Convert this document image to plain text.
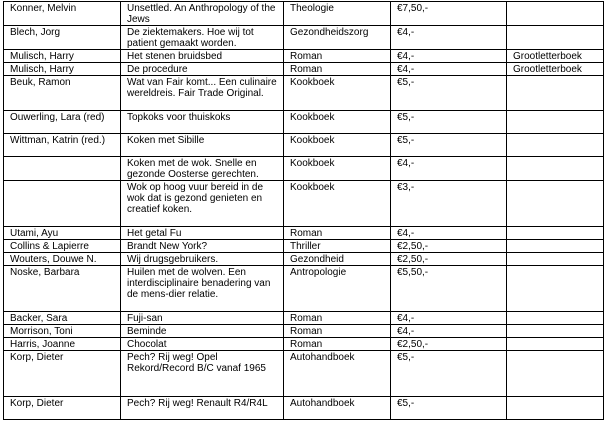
Konner, Melvin	Unsettled. An Anthropology of the Jews	Theologie	€7,50,-	
Blech, Jorg	De ziektemakers. Hoe wij tot patient gemaakt worden.	Gezondheidszorg	€4,-	
Mulisch, Harry	Het stenen bruidsbed	Roman	€4,-	Grootletterboek
Mulisch, Harry	De procedure	Roman	€4,-	Grootletterboek
Beuk, Ramon	Wat van Fair komt... Een culinaire wereldreis. Fair Trade Original.	Kookboek	€5,-	
Ouwerling, Lara (red)	Topkoks voor thuiskoks	Kookboek	€5,-	
Wittman, Katrin (red.)	Koken met Sibille	Kookboek	€5,-	
	Koken met de wok. Snelle en gezonde Oosterse gerechten.	Kookboek	€4,-	
	Wok op hoog vuur bereid in de wok dat is gezond genieten en creatief koken.	Kookboek	€3,-	
Utami, Ayu	Het getal Fu	Roman	€4,-	
Collins & Lapierre	Brandt New York?	Thriller	€2,50,-	
Wouters, Douwe N.	Wij drugsgebruikers.	Gezondheid	€2,50,-	
Noske, Barbara	Huilen met de wolven. Een interdisciplinaire benadering van de mens-dier relatie.	Antropologie	€5,50,-	
Backer, Sara	Fuji-san	Roman	€4,-	
Morrison, Toni	Beminde	Roman	€4,-	
Harris, Joanne	Chocolat	Roman	€2,50,-	
Korp, Dieter	Pech? Rij weg! Opel Rekord/Record B/C vanaf 1965	Autohandboek	€5,-	
Korp, Dieter	Pech? Rij weg! Renault R4/R4L	Autohandboek	€5,-	
